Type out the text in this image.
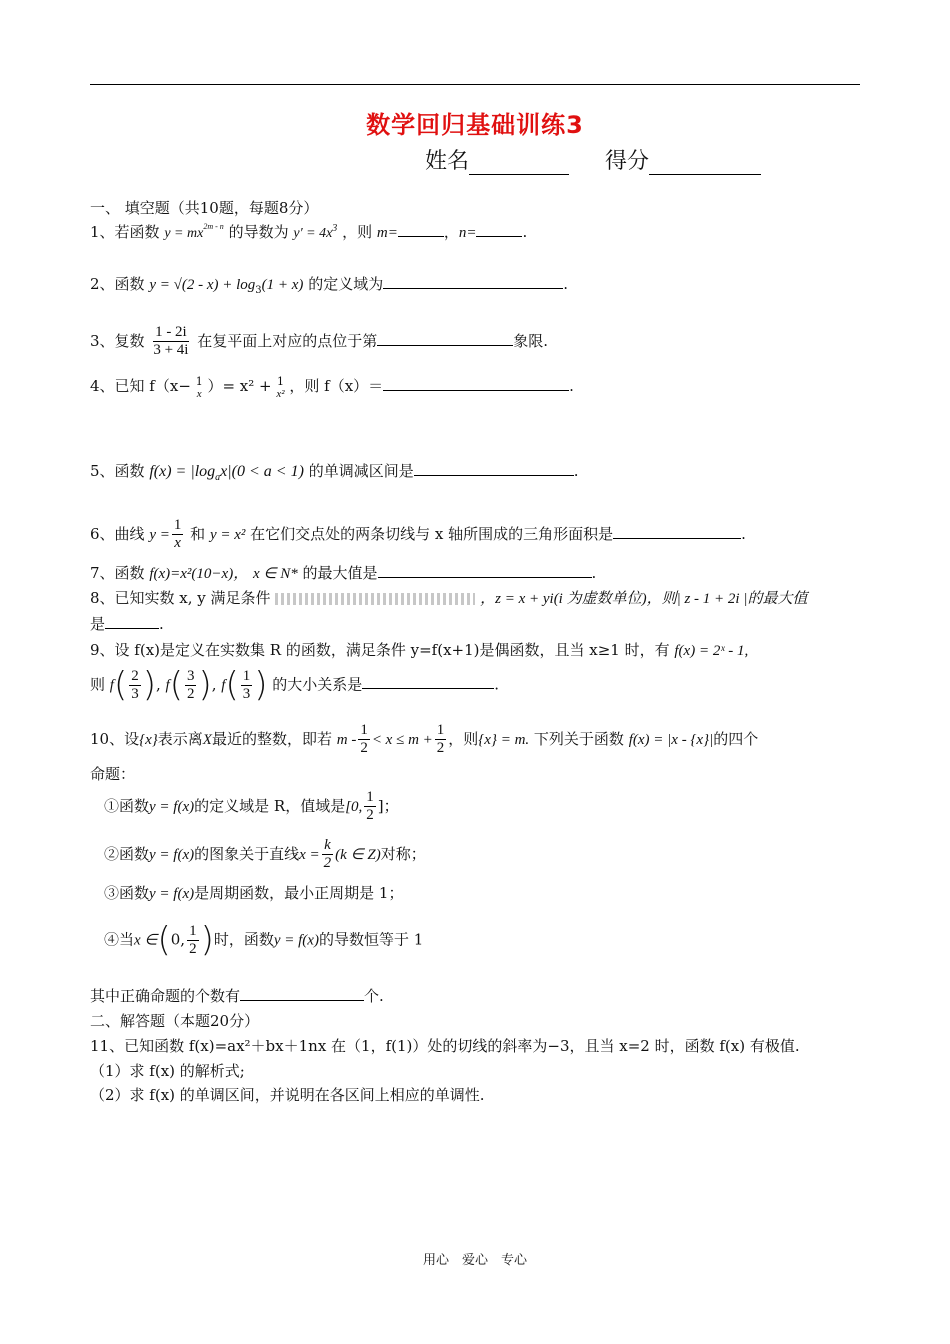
数学回归基础训练3
姓名	得分
一、 填空题（共10题，每题8分）
1、若函数 $y = mx^{2m - n}$ 的导数为 $y' = 4x^3$ ，则 m=	，n=	.
2、函数 $y = √(2 - x) + \log_3(1 + x)$ 的定义域为	.
3、复数 $\frac{1 - 2i}{3 + 4i}$ 在复平面上对应的点位于第	象限.
4、已知 f（x− 1
x ）= x² + 1
x² ，则 f（x）＝	.
5、函数 $f(x) = |\log_ax|(0 < a < 1)$ 的单调减区间是	.
6、曲线 $y = \frac{1}{x}$ 和 y = x² 在它们交点处的两条切线与 x 轴所围成的三角形面积是	.
7、函数 f(x)=x²(10−x)， x ∈ N* 的最大值是	.
8、已知实数 x, y 满足条件	，z = x + yi(i 为虚数单位)，则| z - 1 + 2i |的最大值
是	.
9、设 f(x)是定义在实数集 R 的函数，满足条件 y=f(x+1)是偶函数，且当 x≥1 时，有 f(x) = 2ˣ - 1,
则 $f( \frac{2}{3}$ ), $f( \frac{3}{2}$ ), $f( \frac{1}{3}$ ) 的大小关系是	.
10、设{x}表示离X最近的整数，即若 $m - \frac{1}{2} < x \le m + \frac{1}{2}$ ，则{x} = m. 下列关于函数 f(x) = |x - {x}|的四个
命题：
①函数y = f(x)的定义域是 R，值域是[0, $\frac{1}{2}$ ]；
②函数y = f(x)的图象关于直线$x = \frac{k}{2} (k$ ∈ Z)对称；
③函数y = f(x)是周期函数，最小正周期是 1；
④当x ∈(0, $\frac{1}{2}$ )时，函数y = f(x)的导数恒等于 1
其中正确命题的个数有	个.
二、解答题（本题20分）
11、已知函数 f(x)=ax²＋bx＋1nx 在（1，f(1)）处的切线的斜率为−3，且当 x=2 时，函数 f(x) 有极值.
（1）求 f(x) 的解析式;
（2）求 f(x) 的单调区间，并说明在各区间上相应的单调性.
用心　爱心　专心
